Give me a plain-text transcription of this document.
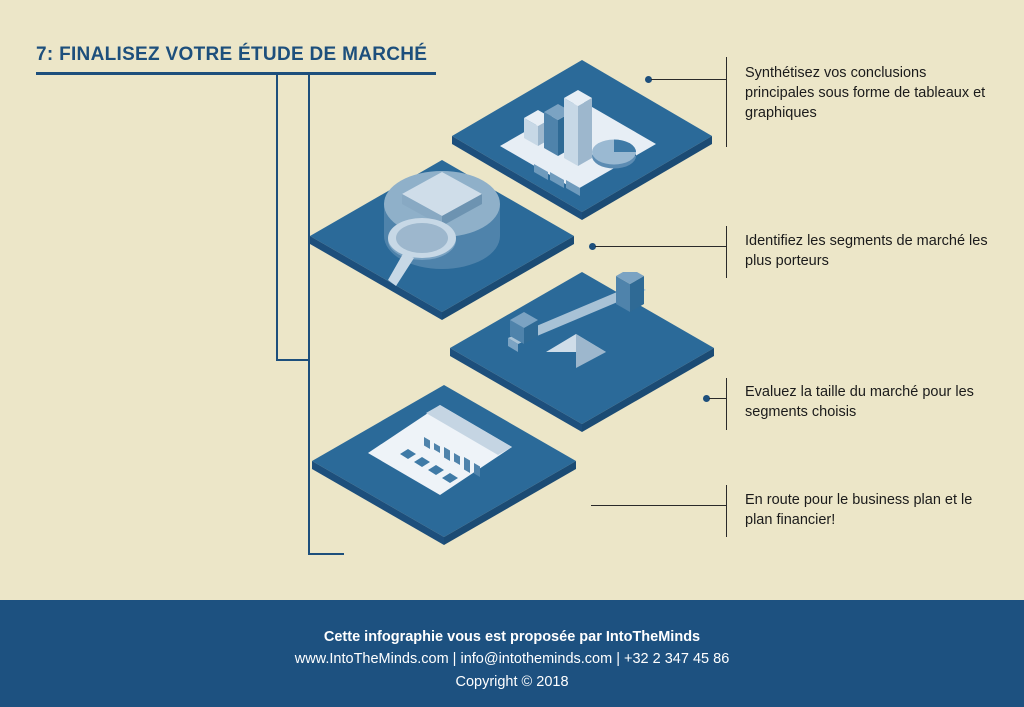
7: FINALISEZ VOTRE ÉTUDE DE MARCHÉ
Synthétisez vos conclusions principales sous forme de tableaux et graphiques
Identifiez les segments de marché les plus porteurs
Evaluez la taille du marché pour les segments choisis
En route pour le business plan et le plan financier!
Cette infographie vous est proposée par IntoTheMinds
www.IntoTheMinds.com | info@intotheminds.com | +32 2 347 45 86
Copyright © 2018
